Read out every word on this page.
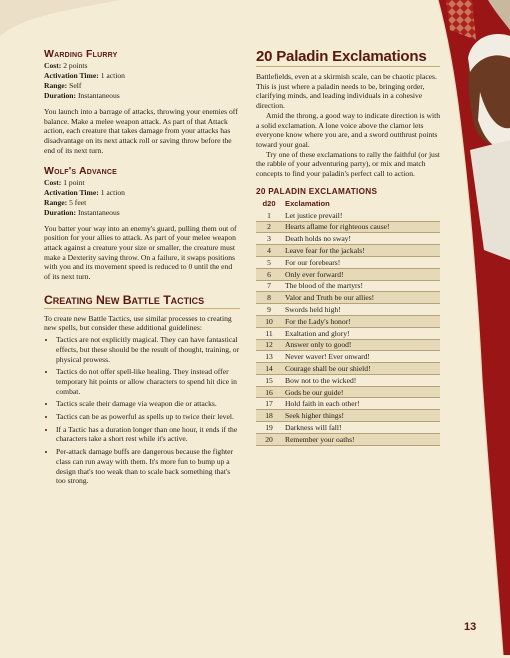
Warding Flurry
Cost: 2 points
Activation Time: 1 action
Range: Self
Duration: Instantaneous

You launch into a barrage of attacks, throwing your enemies off balance. Make a melee weapon attack. As part of that Attack action, each creature that takes damage from your attacks has disadvantage on its next attack roll or saving throw before the end of its next turn.

Wolf's Advance
Cost: 1 point
Activation Time: 1 action
Range: 5 feet
Duration: Instantaneous

You batter your way into an enemy's guard, pulling them out of position for your allies to attack. As part of your melee weapon attack against a creature your size or smaller, the creature must make a Dexterity saving throw. On a failure, it swaps positions with you and its movement speed is reduced to 0 until the end of its next turn.

Creating New Battle Tactics

To create new Battle Tactics, use similar processes to creating new spells, but consider these additional guidelines:

• Tactics are not explicitly magical. They can have fantastical effects, but these should be the result of thought, training, or physical prowess.
• Tactics do not offer spell-like healing. They instead offer temporary hit points or allow characters to spend hit dice in combat.
• Tactics scale their damage via weapon die or attacks.
• Tactics can be as powerful as spells up to twice their level.
• If a Tactic has a duration longer than one hour, it ends if the characters take a short rest while it's active.
• Per-attack damage buffs are dangerous because the fighter class can run away with them. It's more fun to bump up a design that's too weak than to scale back something that's too strong.
20 Paladin Exclamations

Battlefields, even at a skirmish scale, can be chaotic places. This is just where a paladin needs to be, bringing order, clarifying minds, and leading individuals in a cohesive direction.

Amid the throng, a good way to indicate direction is with a solid exclamation. A lone voice above the clamor lets everyone know where you are, and a sword outthrust points toward your goal.

Try one of these exclamations to rally the faithful (or just the rabble of your adventuring party), or mix and match concepts to find your paladin's perfect call to action.

20 PALADIN EXCLAMATIONS
d20	Exclamation
1	Let justice prevail!
2	Hearts aflame for righteous cause!
3	Death holds no sway!
4	Leave fear for the jackals!
5	For our forebears!
6	Only ever forward!
7	The blood of the martyrs!
8	Valor and Truth be our allies!
9	Swords held high!
10	For the Lady's honor!
11	Exaltation and glory!
12	Answer only to good!
13	Never waver! Ever onward!
14	Courage shall be our shield!
15	Bow not to the wicked!
16	Gods be our guide!
17	Hold faith in each other!
18	Seek higher things!
19	Darkness will fall!
20	Remember your oaths!
13
